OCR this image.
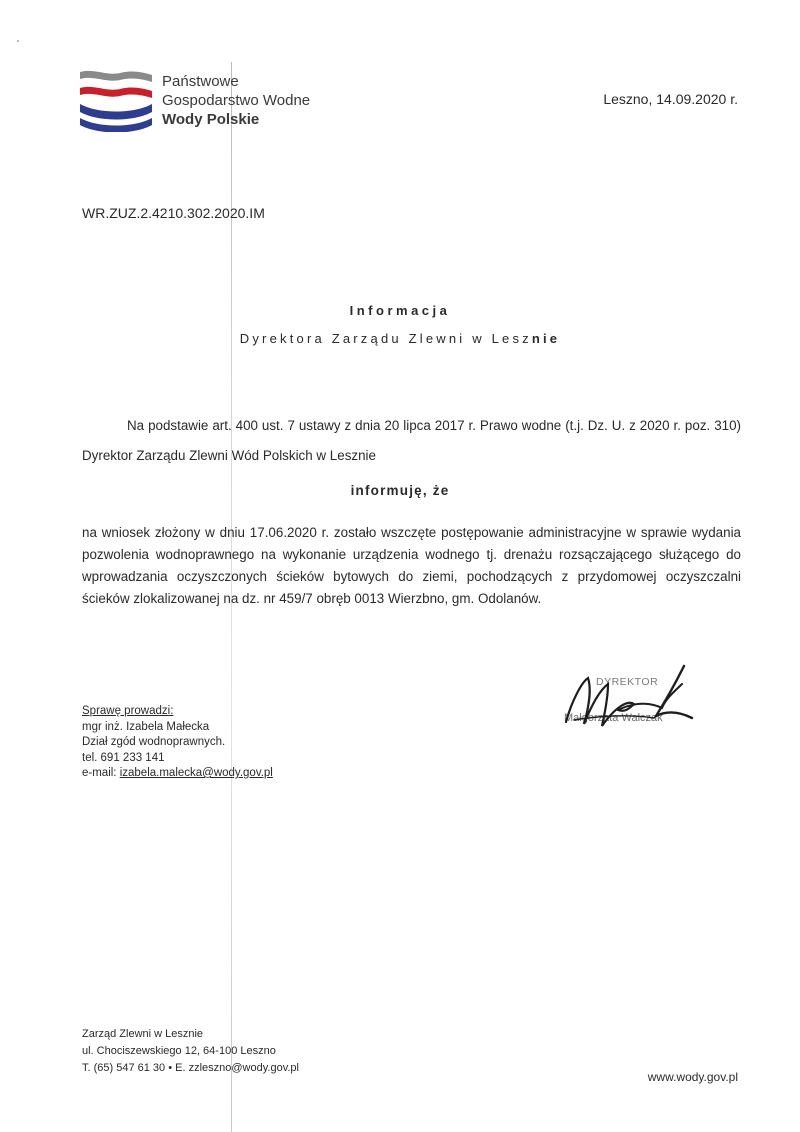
Państwowe
Gospodarstwo Wodne
Wody Polskie
Leszno, 14.09.2020 r.
WR.ZUZ.2.4210.302.2020.IM
Informacja
Dyrektora Zarządu Zlewni w Lesznie
Na podstawie art. 400 ust. 7 ustawy z dnia 20 lipca 2017 r. Prawo wodne (t.j. Dz. U. z 2020 r. poz. 310) Dyrektor Zarządu Zlewni Wód Polskich w Lesznie
informuję, że
na wniosek złożony w dniu 17.06.2020 r. zostało wszczęte postępowanie administracyjne w sprawie wydania pozwolenia wodnoprawnego na wykonanie urządzenia wodnego tj. drenażu rozsączającego służącego do wprowadzania oczyszczonych ścieków bytowych do ziemi, pochodzących z przydomowej oczyszczalni ścieków zlokalizowanej na dz. nr 459/7 obręb 0013 Wierzbno, gm. Odolanów.
Sprawę prowadzi:
mgr inż. Izabela Małecka
Dział zgód wodnoprawnych.
tel. 691 233 141
e-mail: izabela.malecka@wody.gov.pl
DYREKTOR
Małgorzata Walczak
Zarząd Zlewni w Lesznie
ul. Chociszewskiego 12, 64-100 Leszno
T. (65) 547 61 30 • E. zzleszno@wody.gov.pl
www.wody.gov.pl
